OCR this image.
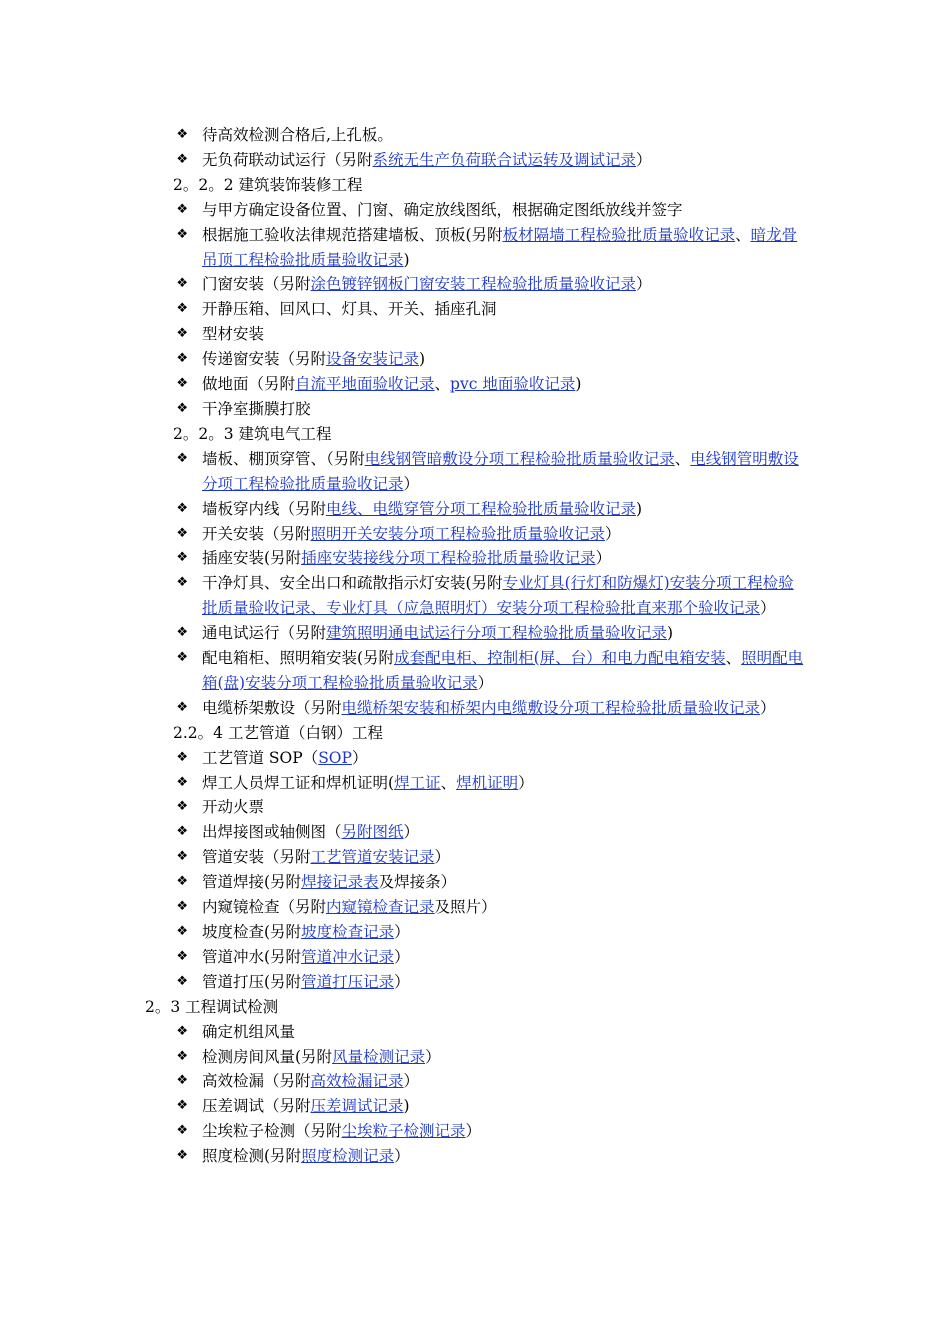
❖ 待高效检测合格后,上孔板。
❖ 无负荷联动试运行（另附系统无生产负荷联合试运转及调试记录）
2。2。2 建筑装饰装修工程
❖ 与甲方确定设备位置、门窗、确定放线图纸，根据确定图纸放线并签字
❖ 根据施工验收法律规范搭建墙板、顶板(另附板材隔墙工程检验批质量验收记录、暗龙骨吊顶工程检验批质量验收记录)
❖ 门窗安装（另附涂色镀锌钢板门窗安装工程检验批质量验收记录）
❖ 开静压箱、回风口、灯具、开关、插座孔洞
❖ 型材安装
❖ 传递窗安装（另附设备安装记录)
❖ 做地面（另附自流平地面验收记录、pvc 地面验收记录)
❖ 干净室撕膜打胶
2。2。3 建筑电气工程
❖ 墙板、棚顶穿管、（另附电线钢管暗敷设分项工程检验批质量验收记录、电线钢管明敷设分项工程检验批质量验收记录）
❖ 墙板穿内线（另附电线、电缆穿管分项工程检验批质量验收记录)
❖ 开关安装（另附照明开关安装分项工程检验批质量验收记录）
❖ 插座安装(另附插座安装接线分项工程检验批质量验收记录）
❖ 干净灯具、安全出口和疏散指示灯安装(另附专业灯具(行灯和防爆灯)安装分项工程检验批质量验收记录、专业灯具（应急照明灯）安装分项工程检验批直来那个验收记录）
❖ 通电试运行（另附建筑照明通电试运行分项工程检验批质量验收记录)
❖ 配电箱柜、照明箱安装(另附成套配电柜、控制柜(屏、台）和电力配电箱安装、照明配电箱(盘)安装分项工程检验批质量验收记录）
❖ 电缆桥架敷设（另附电缆桥架安装和桥架内电缆敷设分项工程检验批质量验收记录）
2.2。4 工艺管道（白钢）工程
❖ 工艺管道 SOP（SOP）
❖ 焊工人员焊工证和焊机证明(焊工证、焊机证明）
❖ 开动火票
❖ 出焊接图或轴侧图（另附图纸）
❖ 管道安装（另附工艺管道安装记录）
❖ 管道焊接(另附焊接记录表及焊接条）
❖ 内窥镜检查（另附内窥镜检查记录及照片）
❖ 坡度检查(另附坡度检查记录）
❖ 管道冲水(另附管道冲水记录）
❖ 管道打压(另附管道打压记录）
2。3 工程调试检测
❖ 确定机组风量
❖ 检测房间风量(另附风量检测记录）
❖ 高效检漏（另附高效检漏记录）
❖ 压差调试（另附压差调试记录)
❖ 尘埃粒子检测（另附尘埃粒子检测记录）
❖ 照度检测(另附照度检测记录）
